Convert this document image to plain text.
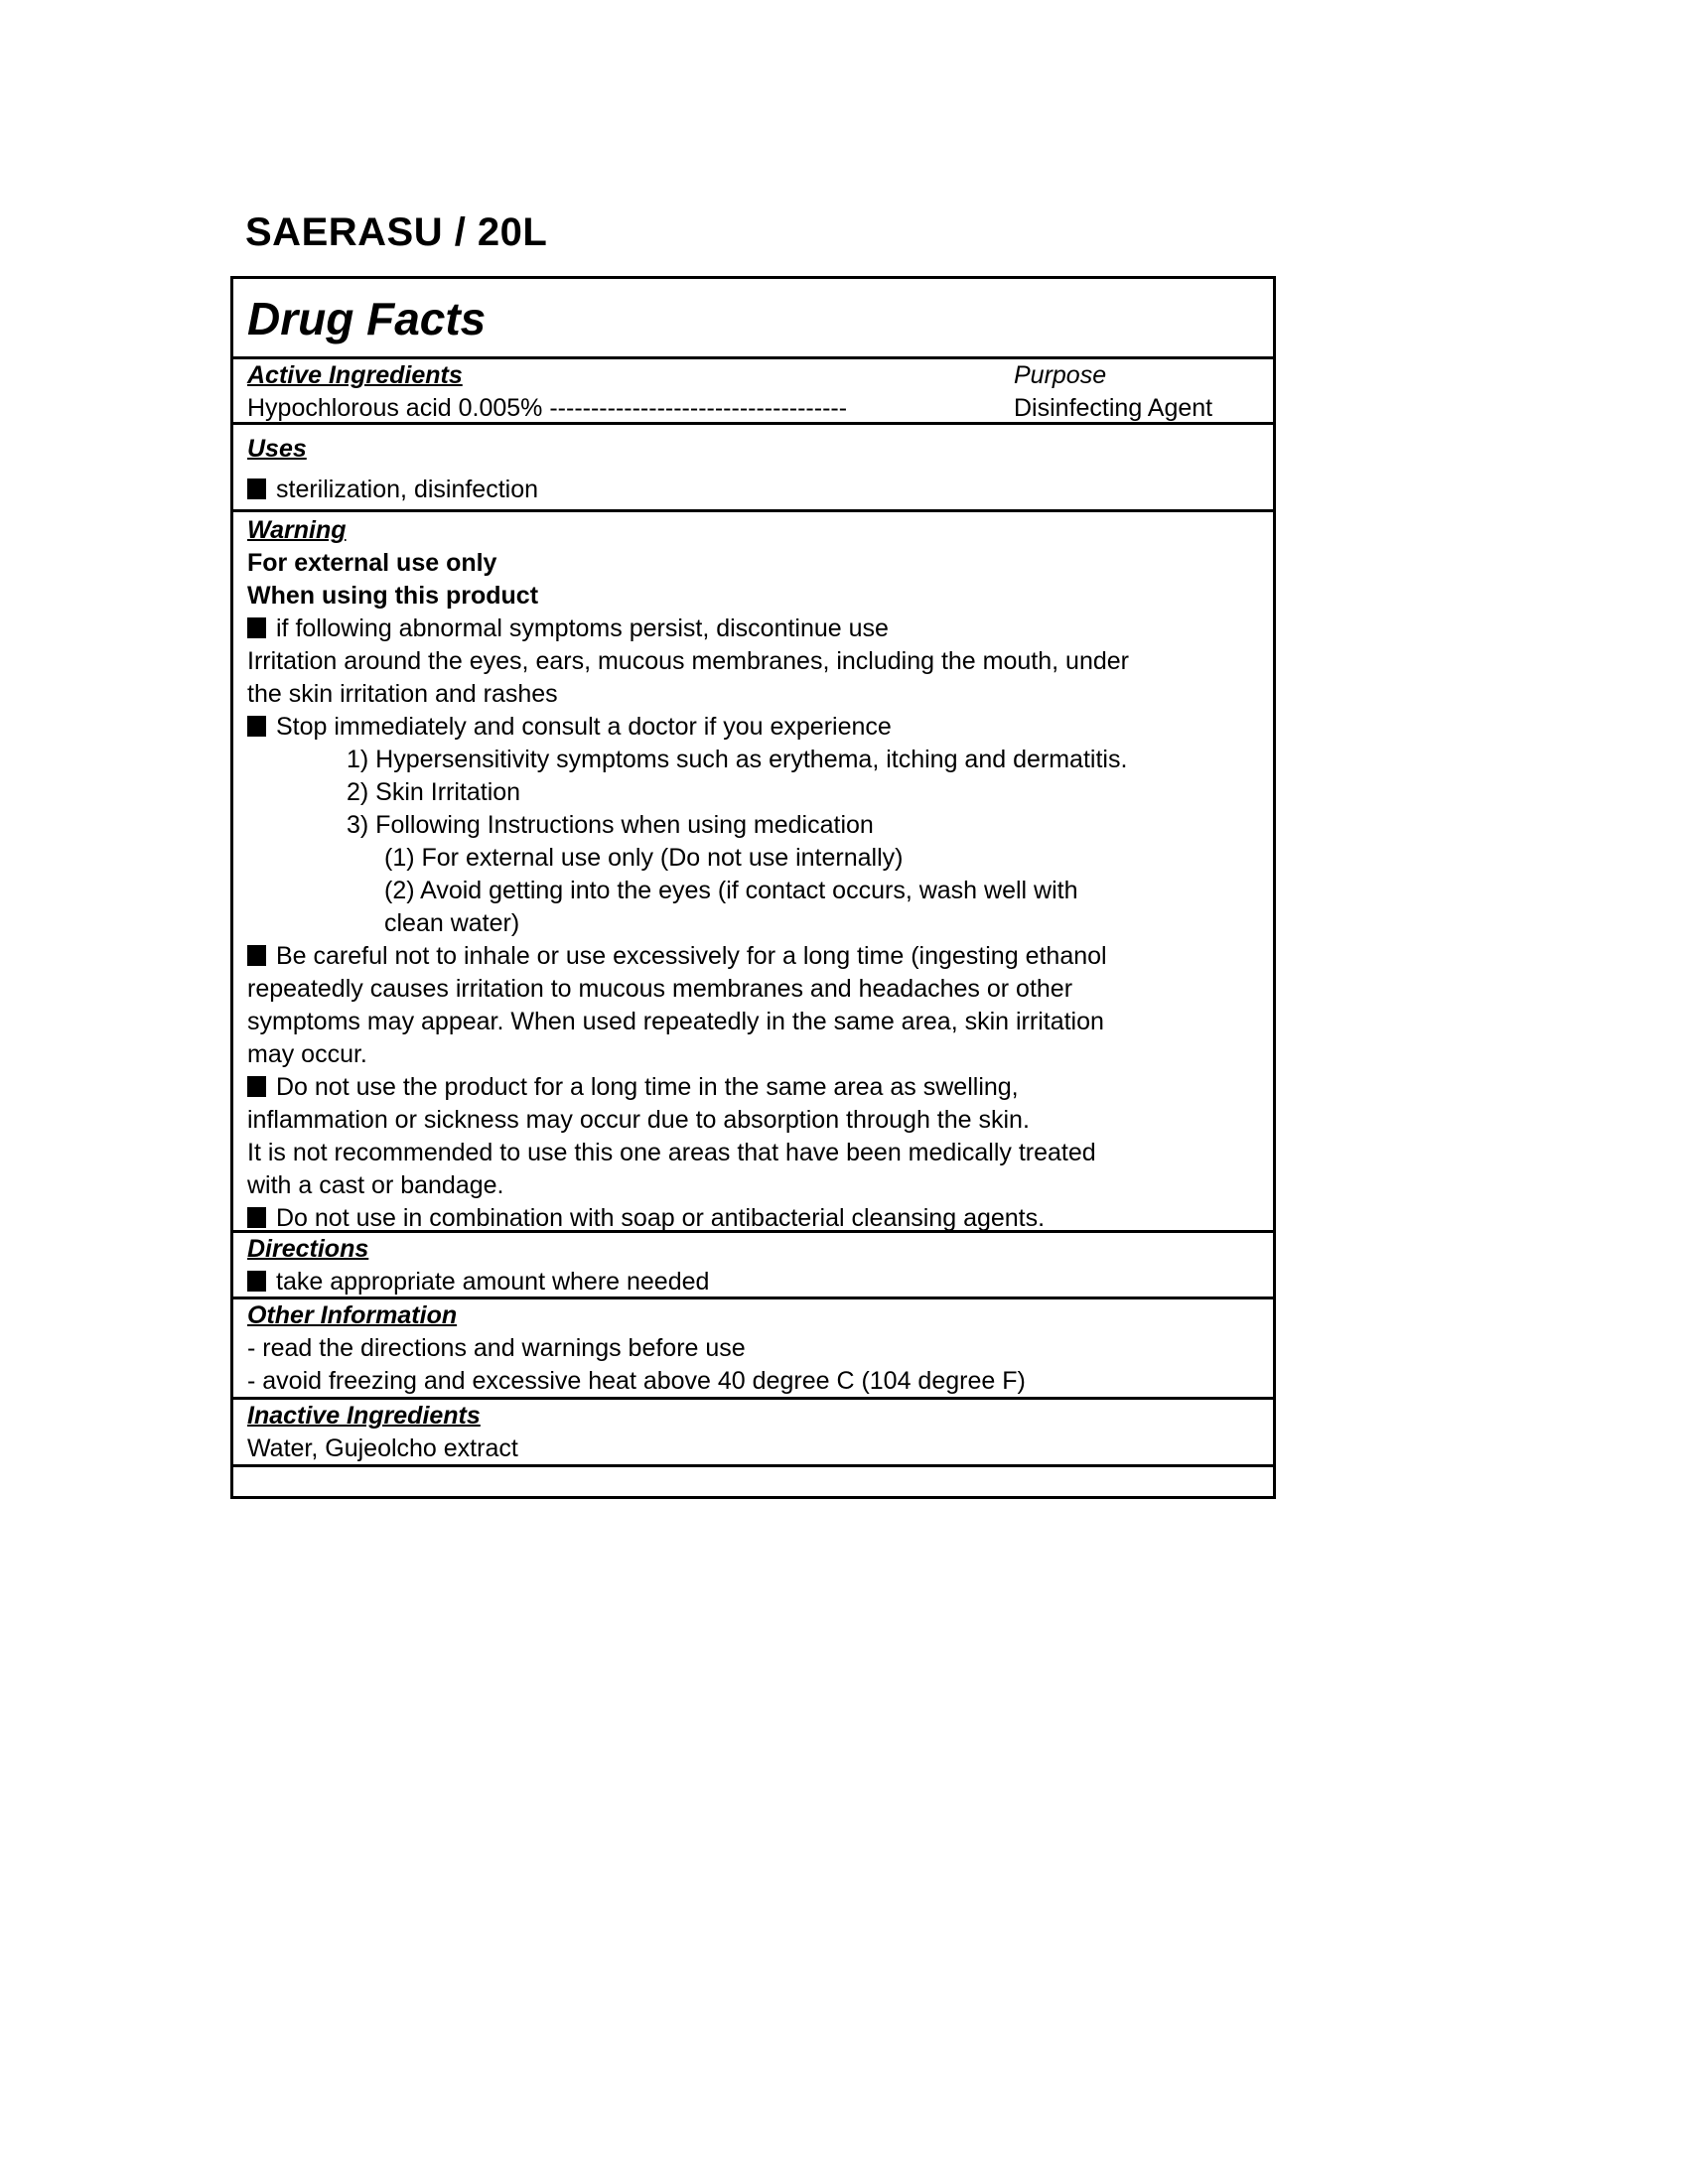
SAERASU / 20L
Drug Facts
Active Ingredients
Hypochlorous acid 0.005% ------------------------------------
Purpose
Disinfecting Agent
Uses
sterilization, disinfection
Warning
For external use only
When using this product
if following abnormal symptoms persist, discontinue use
Irritation around the eyes, ears, mucous membranes, including the mouth, under
the skin irritation and rashes
Stop immediately and consult a doctor if you experience
1) Hypersensitivity symptoms such as erythema, itching and dermatitis.
2) Skin Irritation
3) Following Instructions when using medication
(1) For external use only (Do not use internally)
(2) Avoid getting into the eyes (if contact occurs, wash well with
clean water)
Be careful not to inhale or use excessively for a long time (ingesting ethanol
repeatedly causes irritation to mucous membranes and headaches or other
symptoms may appear. When used repeatedly in the same area, skin irritation
may occur.
Do not use the product for a long time in the same area as swelling,
inflammation or sickness may occur due to absorption through the skin.
It is not recommended to use this one areas that have been medically treated
with a cast or bandage.
Do not use in combination with soap or antibacterial cleansing agents.
Directions
take appropriate amount where needed
Other Information
- read the directions and warnings before use
- avoid freezing and excessive heat above 40 degree C (104 degree F)
Inactive Ingredients
Water, Gujeolcho extract
